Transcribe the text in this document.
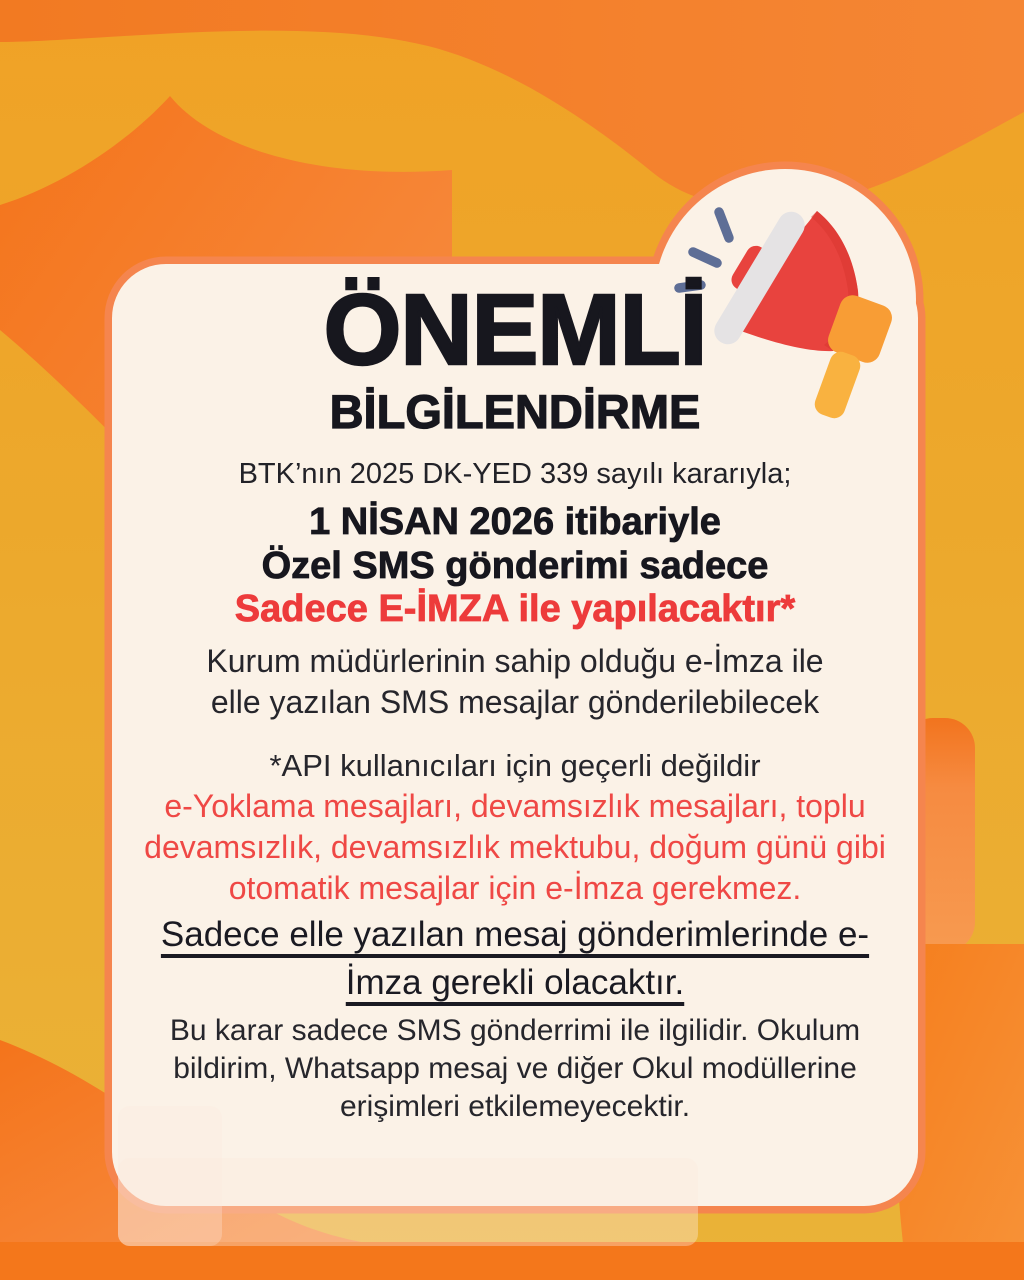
ÖNEMLİ
BİLGİLENDİRME
BTK’nın 2025 DK-YED 339 sayılı kararıyla;
1 NİSAN 2026 itibariyle
Özel SMS gönderimi sadece
Sadece E-İMZA ile yapılacaktır*
Kurum müdürlerinin sahip olduğu e-İmza ile elle yazılan SMS mesajlar gönderilebilecek
*API kullanıcıları için geçerli değildir
e-Yoklama mesajları, devamsızlık mesajları, toplu devamsızlık, devamsızlık mektubu, doğum günü gibi otomatik mesajlar için e-İmza gerekmez.
Sadece elle yazılan mesaj gönderimlerinde e-İmza gerekli olacaktır.
Bu karar sadece SMS gönderrimi ile ilgilidir. Okulum bildirim, Whatsapp mesaj ve diğer Okul modüllerine erişimleri etkilemeyecektir.
